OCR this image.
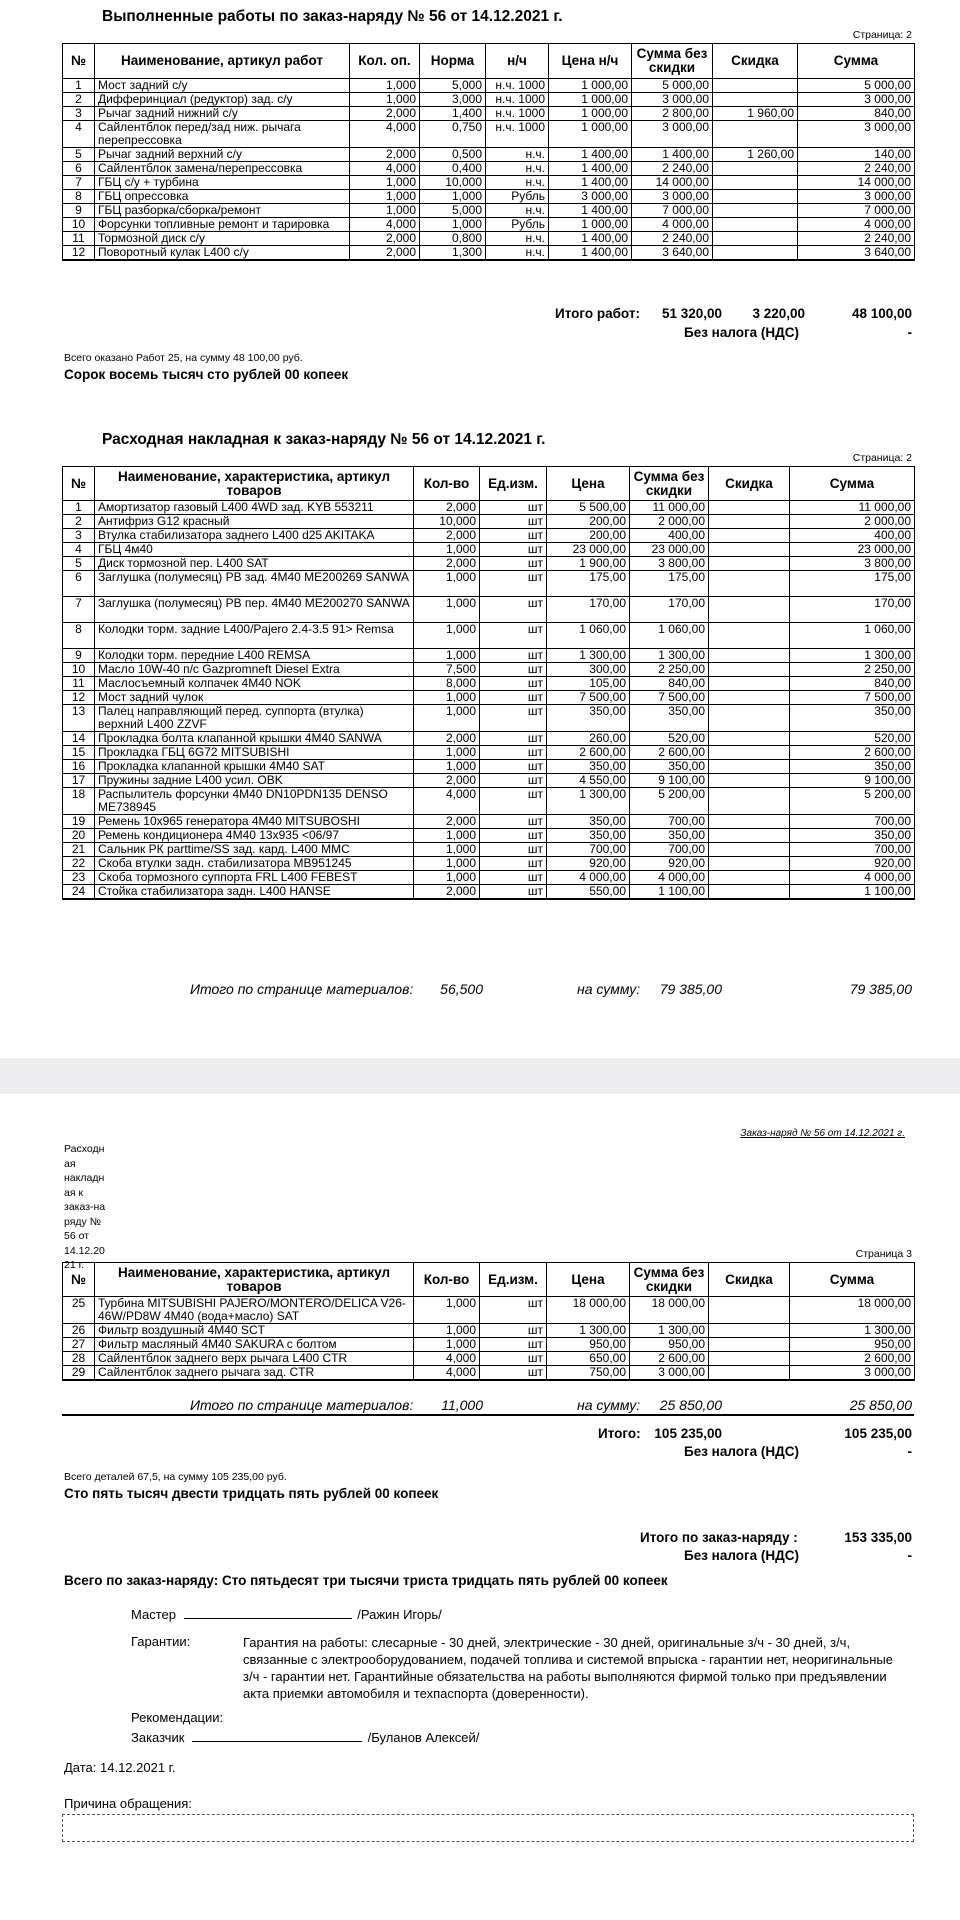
Выполненные работы по заказ-наряду № 56 от 14.12.2021 г.
Страница: 2
№	Наименование, артикул работ	Кол. оп.	Норма	н/ч	Цена н/ч	Сумма без скидки	Скидка	Сумма
1	Мост задний с/у	1,000	5,000	н.ч. 1000	1 000,00	5 000,00		5 000,00
2	Дифферинциал (редуктор) зад. с/у	1,000	3,000	н.ч. 1000	1 000,00	3 000,00		3 000,00
3	Рычаг задний нижний с/у	2,000	1,400	н.ч. 1000	1 000,00	2 800,00	1 960,00	840,00
4	Сайлентблок перед/зад ниж. рычага перепрессовка	4,000	0,750	н.ч. 1000	1 000,00	3 000,00		3 000,00
5	Рычаг задний верхний с/у	2,000	0,500	н.ч.	1 400,00	1 400,00	1 260,00	140,00
6	Сайлентблок замена/перепрессовка	4,000	0,400	н.ч.	1 400,00	2 240,00		2 240,00
7	ГБЦ с/у + турбина	1,000	10,000	н.ч.	1 400,00	14 000,00		14 000,00
8	ГБЦ опрессовка	1,000	1,000	Рубль	3 000,00	3 000,00		3 000,00
9	ГБЦ разборка/сборка/ремонт	1,000	5,000	н.ч.	1 400,00	7 000,00		7 000,00
10	Форсунки топливные ремонт и тарировка	4,000	1,000	Рубль	1 000,00	4 000,00		4 000,00
11	Тормозной диск с/у	2,000	0,800	н.ч.	1 400,00	2 240,00		2 240,00
12	Поворотный кулак L400 с/у	2,000	1,300	н.ч.	1 400,00	3 640,00		3 640,00
Итого работ: 51 320,00 3 220,00	48 100,00
Без налога (НДС)	-
Всего оказано Работ 25, на сумму 48 100,00 руб.
Сорок восемь тысяч сто рублей 00 копеек
Расходная накладная к заказ-наряду № 56 от 14.12.2021 г.
Страница: 2
№	Наименование, характеристика, артикул товаров	Кол-во	Ед.изм.	Цена	Сумма без скидки	Скидка	Сумма
1	Амортизатор газовый L400 4WD зад. KYB 553211	2,000	шт	5 500,00	11 000,00		11 000,00
2	Антифриз G12 красный	10,000	шт	200,00	2 000,00		2 000,00
3	Втулка стабилизатора заднего L400 d25 AKITAKA	2,000	шт	200,00	400,00		400,00
4	ГБЦ 4м40	1,000	шт	23 000,00	23 000,00		23 000,00
5	Диск тормозной пер. L400 SAT	2,000	шт	1 900,00	3 800,00		3 800,00
6	Заглушка (полумесяц) РВ зад. 4M40 ME200269 SANWA	1,000	шт	175,00	175,00		175,00
7	Заглушка (полумесяц) РВ пер. 4M40 ME200270 SANWA	1,000	шт	170,00	170,00		170,00
8	Колодки торм. задние L400/Pajero 2.4-3.5 91> Remsa	1,000	шт	1 060,00	1 060,00		1 060,00
9	Колодки торм. передние L400 REMSA	1,000	шт	1 300,00	1 300,00		1 300,00
10	Масло 10W-40 п/с Gazpromneft Diesel Extra	7,500	шт	300,00	2 250,00		2 250,00
11	Маслосъемный колпачек 4M40 NOK	8,000	шт	105,00	840,00		840,00
12	Мост задний чулок	1,000	шт	7 500,00	7 500,00		7 500,00
13	Палец направляющий перед. суппорта (втулка) верхний L400 ZZVF	1,000	шт	350,00	350,00		350,00
14	Прокладка болта клапанной крышки 4M40 SANWA	2,000	шт	260,00	520,00		520,00
15	Прокладка ГБЦ 6G72 MITSUBISHI	1,000	шт	2 600,00	2 600,00		2 600,00
16	Прокладка клапанной крышки 4M40 SAT	1,000	шт	350,00	350,00		350,00
17	Пружины задние L400 усил. OBK	2,000	шт	4 550,00	9 100,00		9 100,00
18	Распылитель форсунки 4M40 DN10PDN135 DENSO ME738945	4,000	шт	1 300,00	5 200,00		5 200,00
19	Ремень 10х965 генератора 4M40 MITSUBOSHI	2,000	шт	350,00	700,00		700,00
20	Ремень кондиционера 4M40 13х935 <06/97	1,000	шт	350,00	350,00		350,00
21	Сальник РК parttime/SS зад. кард. L400 MMC	1,000	шт	700,00	700,00		700,00
22	Скоба втулки задн. стабилизатора MB951245	1,000	шт	920,00	920,00		920,00
23	Скоба тормозного суппорта FRL L400 FEBEST	1,000	шт	4 000,00	4 000,00		4 000,00
24	Стойка стабилизатора задн. L400 HANSE	2,000	шт	550,00	1 100,00		1 100,00
Итого по странице материалов: 56,500	на сумму: 79 385,00	79 385,00
Заказ-наряд № 56 от 14.12.2021 г.
Расходн
ая
накладн
ая к
заказ-на
ряду №
56 от
14.12.20
21 г.
Страница 3
№	Наименование, характеристика, артикул товаров	Кол-во	Ед.изм.	Цена	Сумма без скидки	Скидка	Сумма
25	Турбина MITSUBISHI PAJERO/MONTERO/DELICA V26-46W/PD8W 4M40 (вода+масло) SAT	1,000	шт	18 000,00	18 000,00		18 000,00
26	Фильтр воздушный 4M40 SCT	1,000	шт	1 300,00	1 300,00		1 300,00
27	Фильтр масляный 4M40 SAKURA с болтом	1,000	шт	950,00	950,00		950,00
28	Сайлентблок заднего верх рычага L400 CTR	4,000	шт	650,00	2 600,00		2 600,00
29	Сайлентблок заднего рычага зад. CTR	4,000	шт	750,00	3 000,00		3 000,00
Итого по странице материалов: 11,000	на сумму: 25 850,00	25 850,00
Итого: 105 235,00	105 235,00
Без налога (НДС)	-
Всего деталей 67,5, на сумму 105 235,00 руб.
Сто пять тысяч двести тридцать пять рублей 00 копеек
Итого по заказ-наряду :	153 335,00
Без налога (НДС)	-
Всего по заказ-наряду: Сто пятьдесят три тысячи триста тридцать пять рублей 00 копеек
Мастер	/Ражин Игорь/
Гарантии:	Гарантия на работы: слесарные - 30 дней, электрические - 30 дней, оригинальные з/ч - 30 дней, з/ч, связанные с электрооборудованием, подачей топлива и системой впрыска - гарантии нет, неоригинальные з/ч - гарантии нет. Гарантийные обязательства на работы выполняются фирмой только при предъявлении акта приемки автомобиля и техпаспорта (доверенности).
Рекомендации:
Заказчик	/Буланов Алексей/
Дата: 14.12.2021 г.
Причина обращения:
